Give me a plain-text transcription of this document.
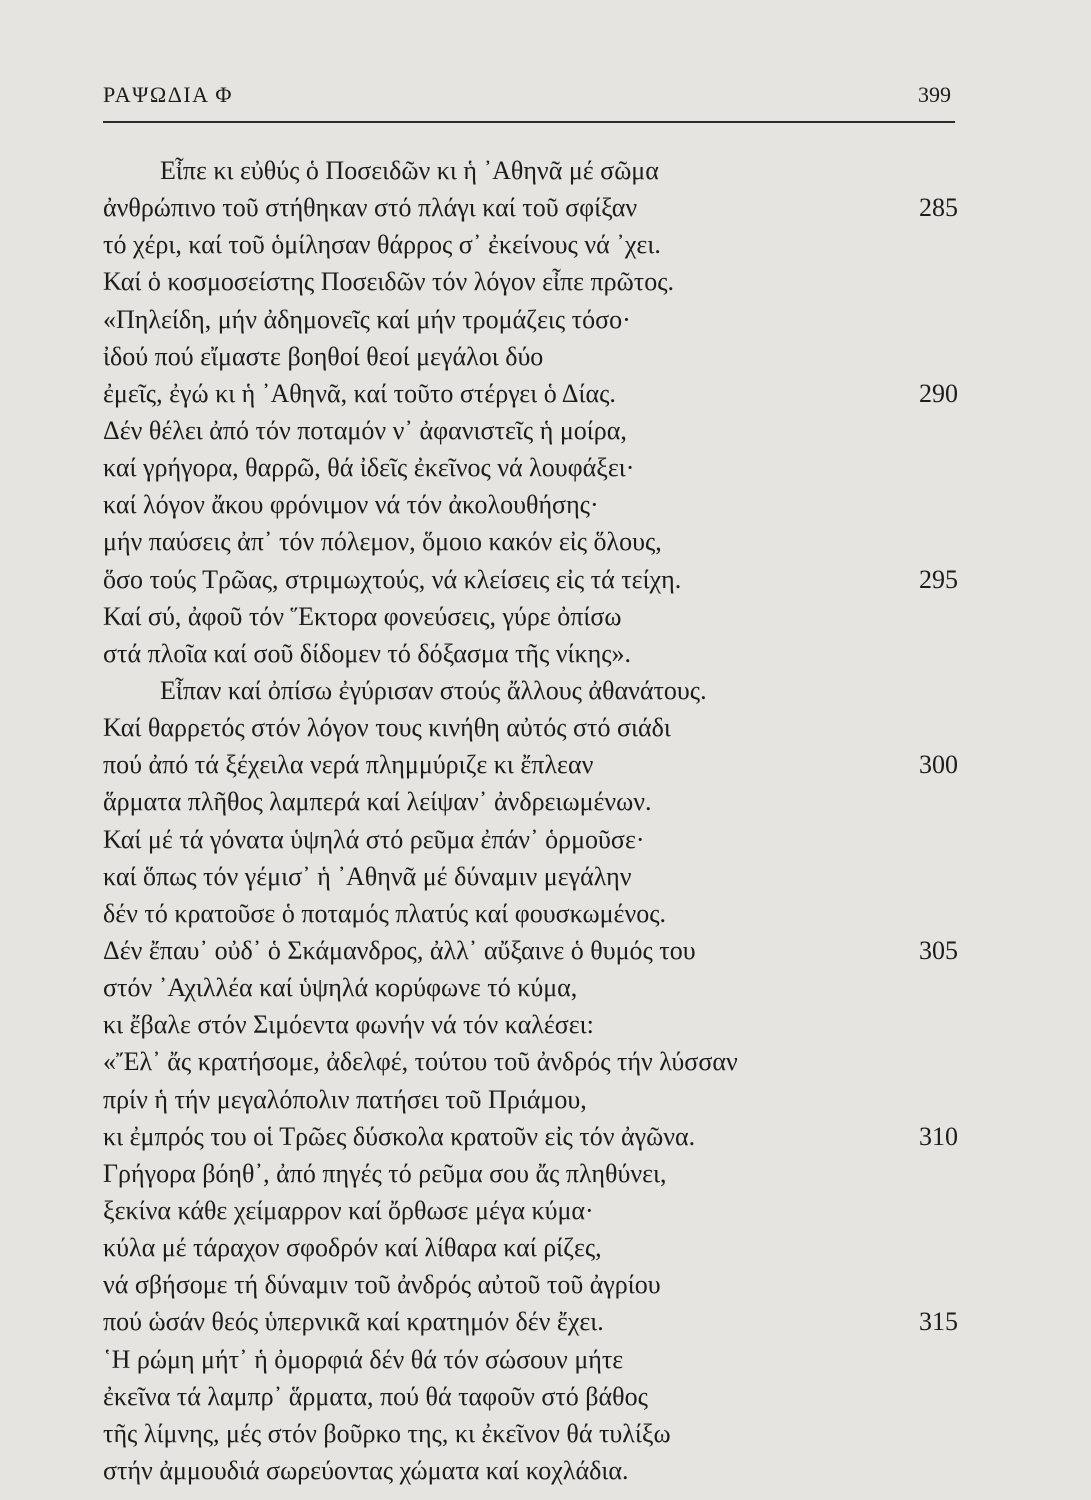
ΡΑΨΩΔΙΑ Φ	399
Εἶπε κι εὐθύς ὁ Ποσειδῶν κι ἡ ᾿Αθηνᾶ μέ σῶμα
ἀνθρώπινο τοῦ στήθηκαν στό πλάγι καί τοῦ σφίξαν	285
τό χέρι, καί τοῦ ὁμίλησαν θάρρος σ᾿ ἐκείνους νά ᾿χει.
Καί ὁ κοσμοσείστης Ποσειδῶν τόν λόγον εἶπε πρῶτος.
«Πηλείδη, μήν ἀδημονεῖς καί μήν τρομάζεις τόσο·
ἰδού πού εἴμαστε βοηθοί θεοί μεγάλοι δύο
ἐμεῖς, ἐγώ κι ἡ ᾿Αθηνᾶ, καί τοῦτο στέργει ὁ Δίας.	290
Δέν θέλει ἀπό τόν ποταμόν ν᾿ ἀφανιστεῖς ἡ μοίρα,
καί γρήγορα, θαρρῶ, θά ἰδεῖς ἐκεῖνος νά λουφάξει·
καί λόγον ἄκου φρόνιμον νά τόν ἀκολουθήσης·
μήν παύσεις ἀπ᾿ τόν πόλεμον, ὅμοιο κακόν εἰς ὅλους,
ὅσο τούς Τρῶας, στριμωχτούς, νά κλείσεις εἰς τά τείχη.	295
Καί σύ, ἀφοῦ τόν Ἕκτορα φονεύσεις, γύρε ὀπίσω
στά πλοῖα καί σοῦ δίδομεν τό δόξασμα τῆς νίκης».
Εἶπαν καί ὀπίσω ἐγύρισαν στούς ἄλλους ἀθανάτους.
Καί θαρρετός στόν λόγον τους κινήθη αὐτός στό σιάδι
πού ἀπό τά ξέχειλα νερά πλημμύριζε κι ἔπλεαν	300
ἅρματα πλῆθος λαμπερά καί λείψαν᾿ ἀνδρειωμένων.
Καί μέ τά γόνατα ὑψηλά στό ρεῦμα ἐπάν᾿ ὁρμοῦσε·
καί ὅπως τόν γέμισ᾿ ἡ ᾿Αθηνᾶ μέ δύναμιν μεγάλην
δέν τό κρατοῦσε ὁ ποταμός πλατύς καί φουσκωμένος.
Δέν ἔπαυ᾿ οὐδ᾿ ὁ Σκάμανδρος, ἀλλ᾿ αὔξαινε ὁ θυμός του	305
στόν ᾿Αχιλλέα καί ὑψηλά κορύφωνε τό κύμα,
κι ἔβαλε στόν Σιμόεντα φωνήν νά τόν καλέσει:
«Ἔλ᾿ ἄς κρατήσομε, ἀδελφέ, τούτου τοῦ ἀνδρός τήν λύσσαν
πρίν ἡ τήν μεγαλόπολιν πατήσει τοῦ Πριάμου,
κι ἐμπρός του οἱ Τρῶες δύσκολα κρατοῦν εἰς τόν ἀγῶνα.	310
Γρήγορα βόηθ᾿, ἀπό πηγές τό ρεῦμα σου ἄς πληθύνει,
ξεκίνα κάθε χείμαρρον καί ὄρθωσε μέγα κύμα·
κύλα μέ τάραχον σφοδρόν καί λίθαρα καί ρίζες,
νά σβήσομε τή δύναμιν τοῦ ἀνδρός αὐτοῦ τοῦ ἀγρίου
πού ὡσάν θεός ὑπερνικᾶ καί κρατημόν δέν ἔχει.	315
῾Η ρώμη μήτ᾿ ἡ ὀμορφιά δέν θά τόν σώσουν μήτε
ἐκεῖνα τά λαμπρ᾿ ἅρματα, πού θά ταφοῦν στό βάθος
τῆς λίμνης, μές στόν βοῦρκο της, κι ἐκεῖνον θά τυλίξω
στήν ἀμμουδιά σωρεύοντας χώματα καί κοχλάδια.
